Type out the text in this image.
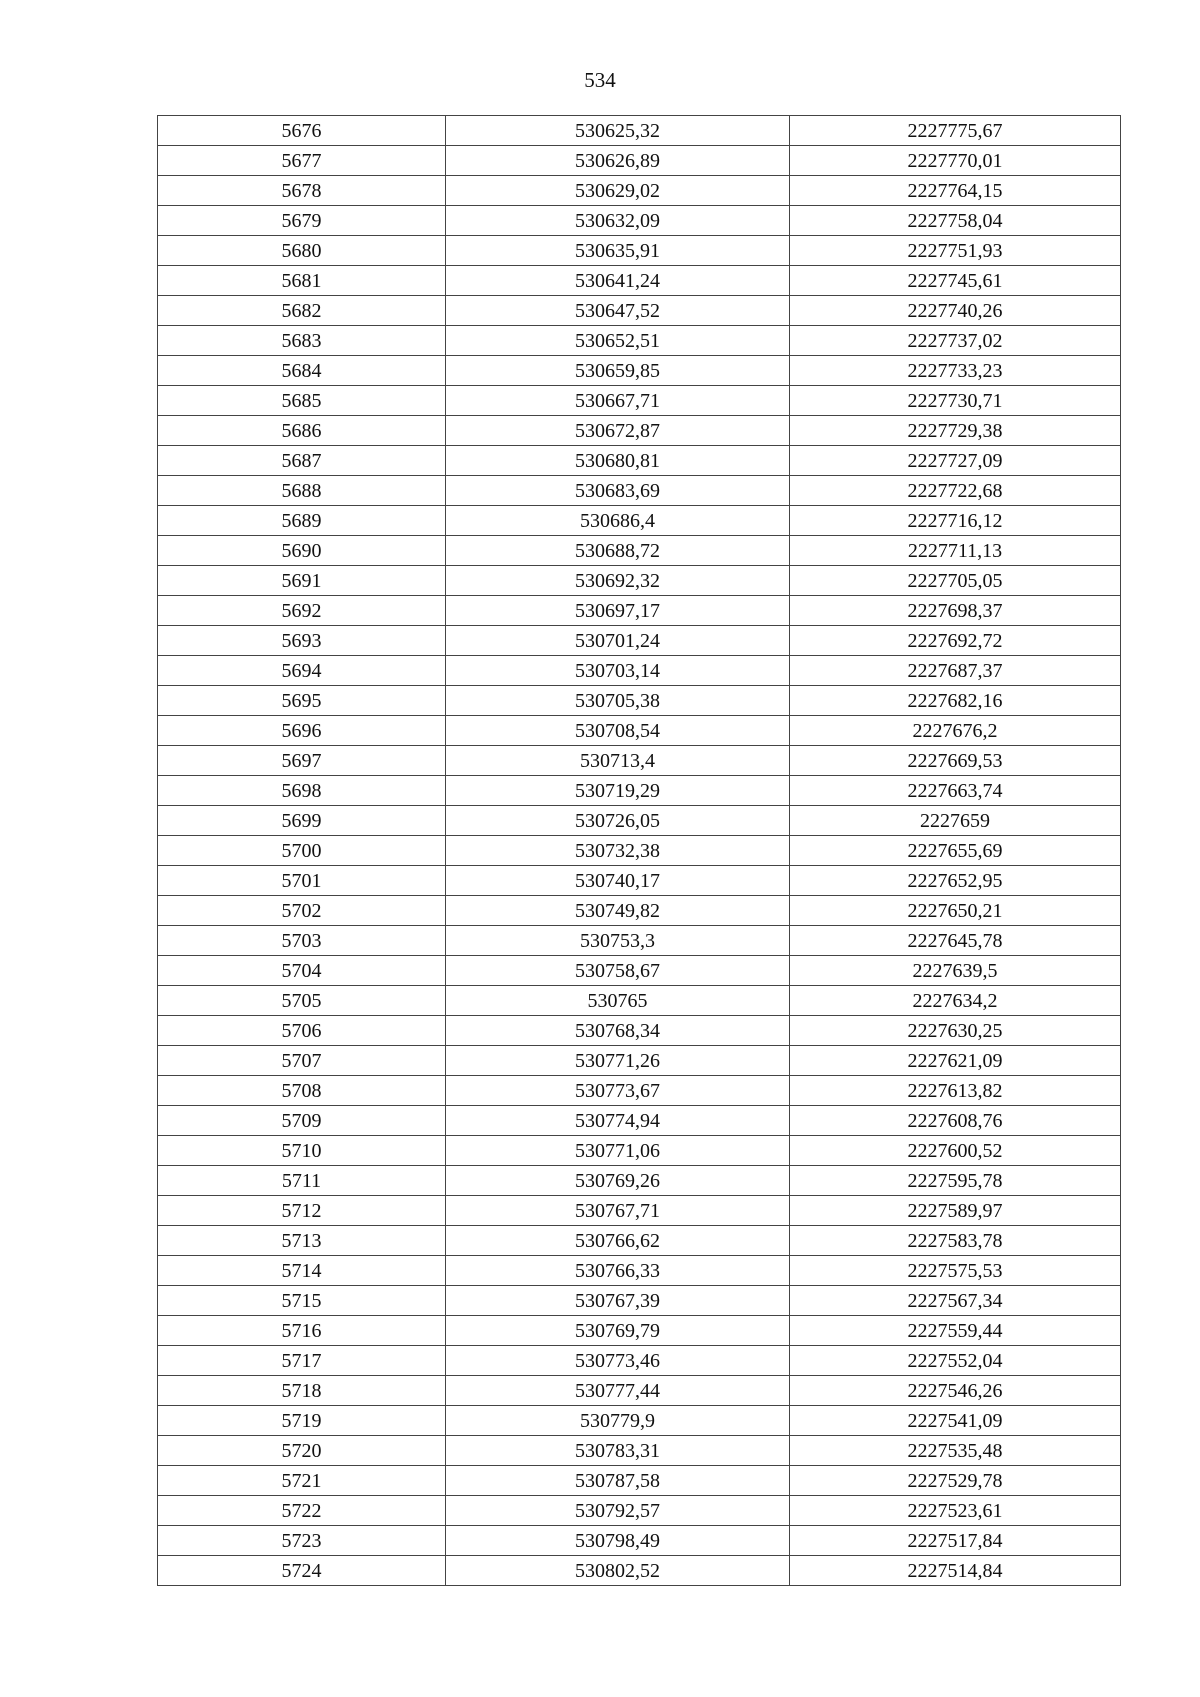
534
5676	530625,32	2227775,67
5677	530626,89	2227770,01
5678	530629,02	2227764,15
5679	530632,09	2227758,04
5680	530635,91	2227751,93
5681	530641,24	2227745,61
5682	530647,52	2227740,26
5683	530652,51	2227737,02
5684	530659,85	2227733,23
5685	530667,71	2227730,71
5686	530672,87	2227729,38
5687	530680,81	2227727,09
5688	530683,69	2227722,68
5689	530686,4	2227716,12
5690	530688,72	2227711,13
5691	530692,32	2227705,05
5692	530697,17	2227698,37
5693	530701,24	2227692,72
5694	530703,14	2227687,37
5695	530705,38	2227682,16
5696	530708,54	2227676,2
5697	530713,4	2227669,53
5698	530719,29	2227663,74
5699	530726,05	2227659
5700	530732,38	2227655,69
5701	530740,17	2227652,95
5702	530749,82	2227650,21
5703	530753,3	2227645,78
5704	530758,67	2227639,5
5705	530765	2227634,2
5706	530768,34	2227630,25
5707	530771,26	2227621,09
5708	530773,67	2227613,82
5709	530774,94	2227608,76
5710	530771,06	2227600,52
5711	530769,26	2227595,78
5712	530767,71	2227589,97
5713	530766,62	2227583,78
5714	530766,33	2227575,53
5715	530767,39	2227567,34
5716	530769,79	2227559,44
5717	530773,46	2227552,04
5718	530777,44	2227546,26
5719	530779,9	2227541,09
5720	530783,31	2227535,48
5721	530787,58	2227529,78
5722	530792,57	2227523,61
5723	530798,49	2227517,84
5724	530802,52	2227514,84
